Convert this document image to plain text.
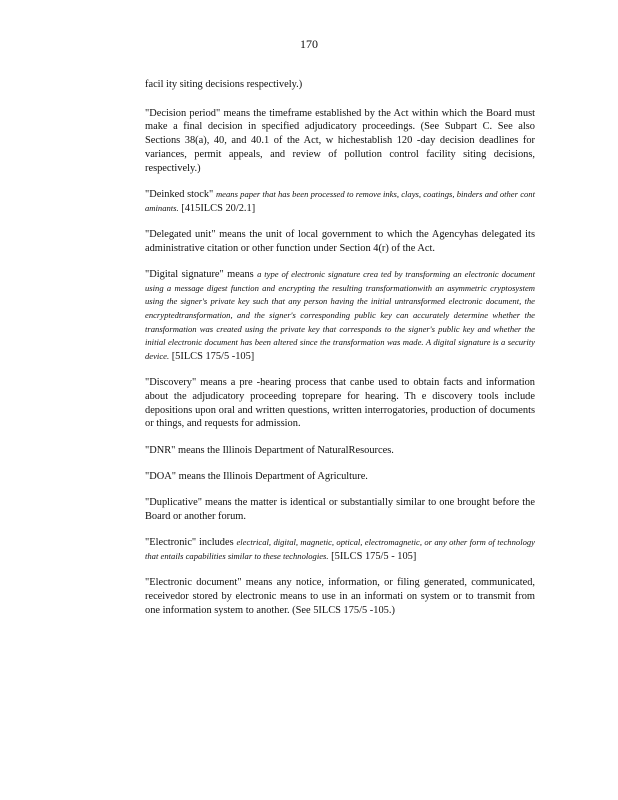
170

facil ity siting decisions respectively.)

"Decision period" means the timeframe established by the Act within which the Board must make a final decision in specified adjudicatory proceedings. (See Subpart C. See also Sections 38(a), 40, and 40.1 of the Act, w hichestablish 120 -day decision deadlines for variances, permit appeals, and review of pollution control facility siting decisions, respectively.)

"Deinked stock" means paper that has been processed to remove inks, clays, coatings, binders and other cont aminants. [415ILCS 20/2.1]

"Delegated unit" means the unit of local government to which the Agencyhas delegated its administrative citation or other function under Section 4(r) of the Act.

"Digital signature" means a type of electronic signature crea ted by transforming an electronic document using a message digest function and encrypting the resulting transformationwith an asymmetric cryptosystem using the signer's private key such that any person having the initial untransformed electronic document, the encryptedtransformation, and the signer's corresponding public key can accurately determine whether the transformation was created using the private key that corresponds to the signer's public key and whether the initial electronic document has been altered since the transformation was made. A digital signature is a security device. [5ILCS 175/5 -105]

"Discovery" means a pre -hearing process that canbe used to obtain facts and information about the adjudicatory proceeding toprepare for hearing. Th e discovery tools include depositions upon oral and written questions, written interrogatories, production of documents or things, and requests for admission.

"DNR" means the Illinois Department of NaturalResources.

"DOA" means the Illinois Department of Agriculture.

"Duplicative" means the matter is identical or substantially similar to one brought before the Board or another forum.

"Electronic" includes electrical, digital, magnetic, optical, electromagnetic, or any other form of technology that entails capabilities similar to these technologies. [5ILCS 175/5 - 105]

"Electronic document" means any notice, information, or filing generated, communicated, receivedor stored by electronic means to use in an informati on system or to transmit from one information system to another. (See 5ILCS 175/5 -105.)
